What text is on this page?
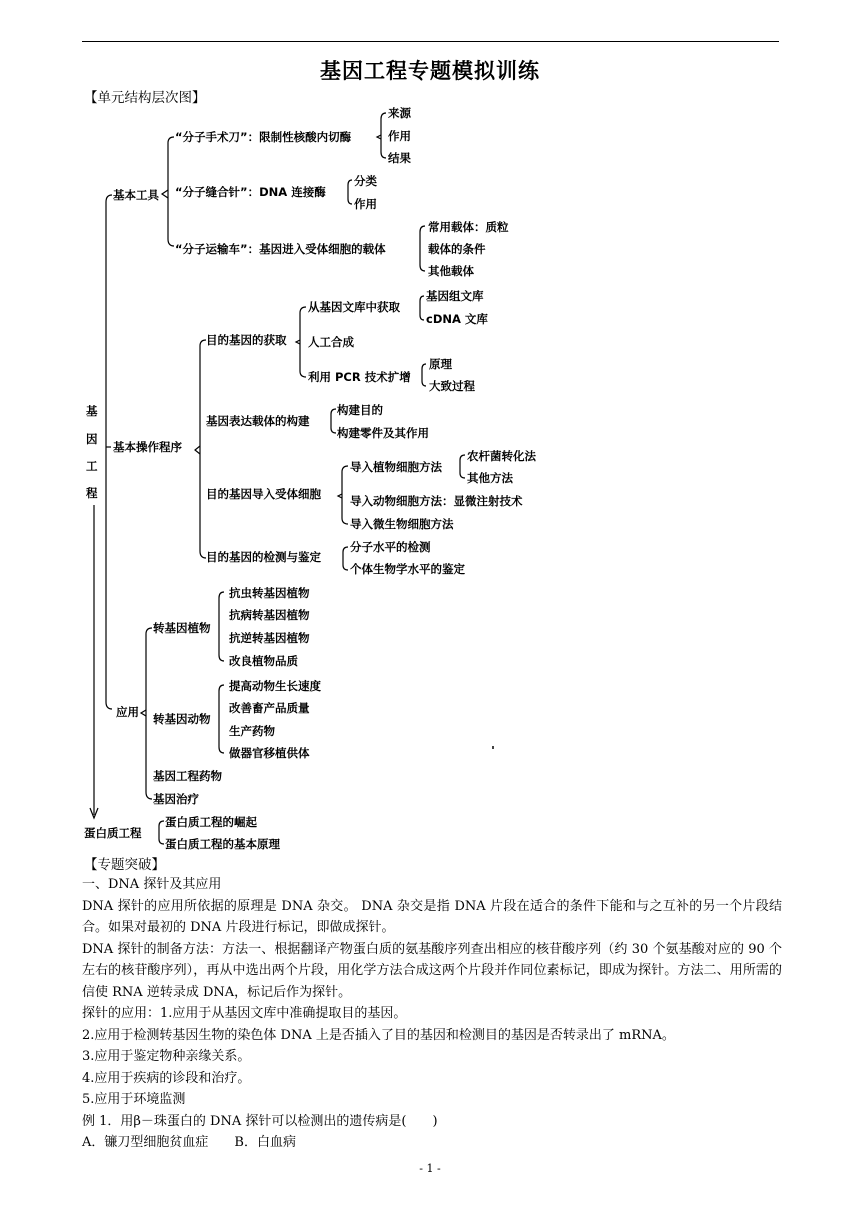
基因工程专题模拟训练
【单元结构层次图】
基
因
工
程
基本工具
“分子手术刀”：限制性核酸内切酶
来源
作用
结果
“分子缝合针”：DNA 连接酶
分类
作用
“分子运输车”：基因进入受体细胞的载体
常用载体：质粒
载体的条件
其他载体
基本操作程序
目的基因的获取
从基因文库中获取
基因组文库
cDNA 文库
人工合成
利用 PCR 技术扩增
原理
大致过程
基因表达载体的构建
构建目的
构建零件及其作用
目的基因导入受体细胞
导入植物细胞方法
农杆菌转化法
其他方法
导入动物细胞方法：显微注射技术
导入微生物细胞方法
目的基因的检测与鉴定
分子水平的检测
个体生物学水平的鉴定
应用
转基因植物
抗虫转基因植物
抗病转基因植物
抗逆转基因植物
改良植物品质
转基因动物
提高动物生长速度
改善畜产品质量
生产药物
做器官移植供体
基因工程药物
基因治疗
蛋白质工程
蛋白质工程的崛起
蛋白质工程的基本原理
【专题突破】

一、DNA 探针及其应用

DNA 探针的应用所依据的原理是 DNA 杂交。 DNA 杂交是指 DNA 片段在适合的条件下能和与之互补的另一个片段结合。如果对最初的 DNA 片段进行标记，即做成探针。

DNA 探针的制备方法：方法一、根据翻译产物蛋白质的氨基酸序列查出相应的核苷酸序列（约 30 个氨基酸对应的 90 个左右的核苷酸序列），再从中选出两个片段，用化学方法合成这两个片段并作同位素标记，即成为探针。方法二、用所需的信使 RNA 逆转录成 DNA，标记后作为探针。

探针的应用：1.应用于从基因文库中准确提取目的基因。

2.应用于检测转基因生物的染色体 DNA 上是否插入了目的基因和检测目的基因是否转录出了 mRNA。

3.应用于鉴定物种亲缘关系。

4.应用于疾病的诊段和治疗。

5.应用于环境监测

例 1．用β－珠蛋白的 DNA 探针可以检测出的遗传病是(　　)

A．镰刀型细胞贫血症　　B．白血病

- 1 -
